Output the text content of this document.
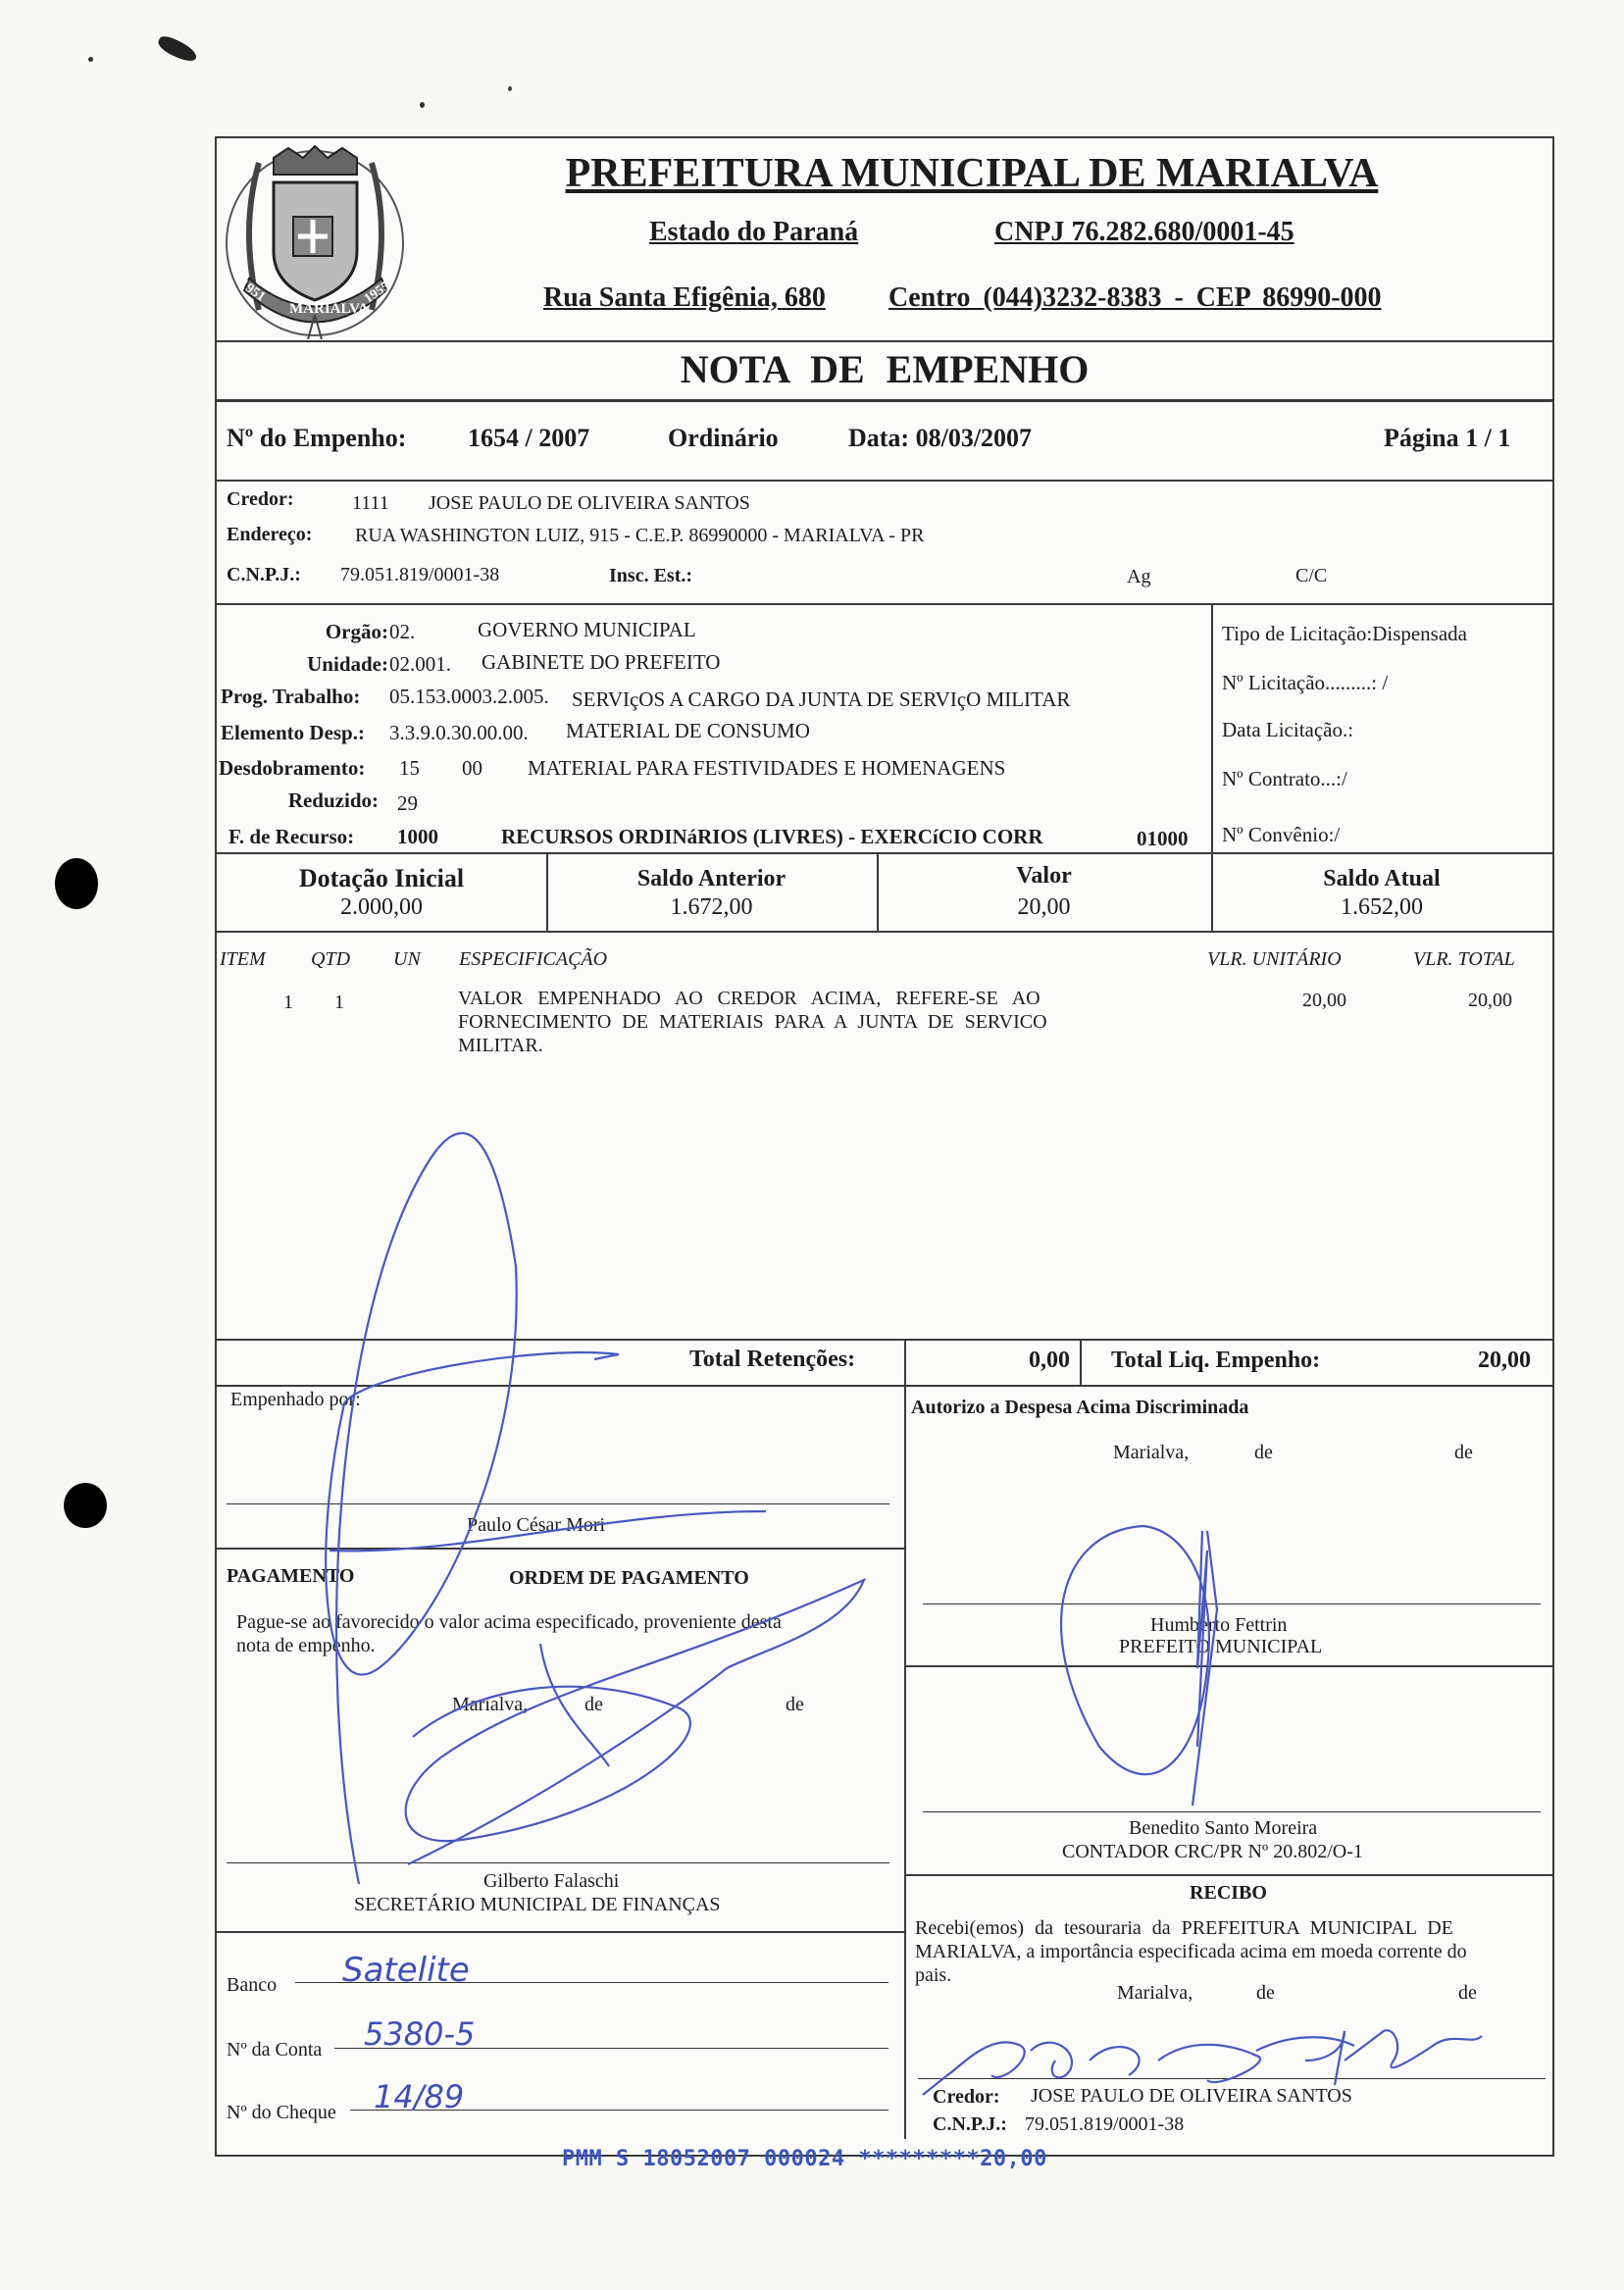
1951
MARIALVA
1955
PREFEITURA MUNICIPAL DE MARIALVA
Estado do Paraná	CNPJ 76.282.680/0001-45
Rua Santa Efigênia, 680 Centro (044)3232-8383 - CEP 86990-000
NOTA DE EMPENHO
Nº do Empenho: 1654 / 2007	Ordinário	Data: 08/03/2007	Página 1 / 1
Credor:	1111 JOSE PAULO DE OLIVEIRA SANTOS
Endereço: RUA WASHINGTON LUIZ, 915 - C.E.P. 86990000 - MARIALVA - PR
C.N.P.J.: 79.051.819/0001-38	Insc. Est.:	Ag	C/C
Orgão: 02.	GOVERNO MUNICIPAL
Unidade: 02.001. GABINETE DO PREFEITO
Prog. Trabalho: 05.153.0003.2.005. SERVIçOS A CARGO DA JUNTA DE SERVIçO MILITAR
Elemento Desp.: 3.3.9.0.30.00.00. MATERIAL DE CONSUMO
Desdobramento: 15 00 MATERIAL PARA FESTIVIDADES E HOMENAGENS
Reduzido: 29
F. de Recurso: 1000	RECURSOS ORDINáRIOS (LIVRES) - EXERCíCIO CORR	01000
Tipo de Licitação:Dispensada
Nº Licitação.........: /
Data Licitação.:
Nº Contrato...:/
Nº Convênio:/
Dotação Inicial
2.000,00
Saldo Anterior
1.672,00
Valor
20,00
Saldo Atual
1.652,00
ITEM QTD UN ESPECIFICAÇÃO	VLR. UNITÁRIO	VLR. TOTAL
1 1	VALOR EMPENHADO AO CREDOR ACIMA, REFERE-SE AO
FORNECIMENTO DE MATERIAIS PARA A JUNTA DE SERVICO
MILITAR.
20,00	20,00
Total Retenções:	0,00 Total Liq. Empenho:	20,00
Empenhado por:
Paulo César Mori
PAGAMENTO	ORDEM DE PAGAMENTO
Pague-se ao favorecido o valor acima especificado, proveniente desta
nota de empenho.
Marialva,	de	de
Gilberto Falaschi
SECRETÁRIO MUNICIPAL DE FINANÇAS
Banco Satelite
Nº da Conta 5380-5
Nº do Cheque 14/89
Autorizo a Despesa Acima Discriminada
Marialva,	de	de
Humberto Fettrin
PREFEITO MUNICIPAL
Benedito Santo Moreira
CONTADOR CRC/PR Nº 20.802/O-1
RECIBO
Recebi(emos) da tesouraria da PREFEITURA MUNICIPAL DE
MARIALVA, a importância especificada acima em moeda corrente do
pais.
Marialva,	de	de
Credor: JOSE PAULO DE OLIVEIRA SANTOS
C.N.P.J.: 79.051.819/0001-38
PMM S 18052007 000024 *********20,00
